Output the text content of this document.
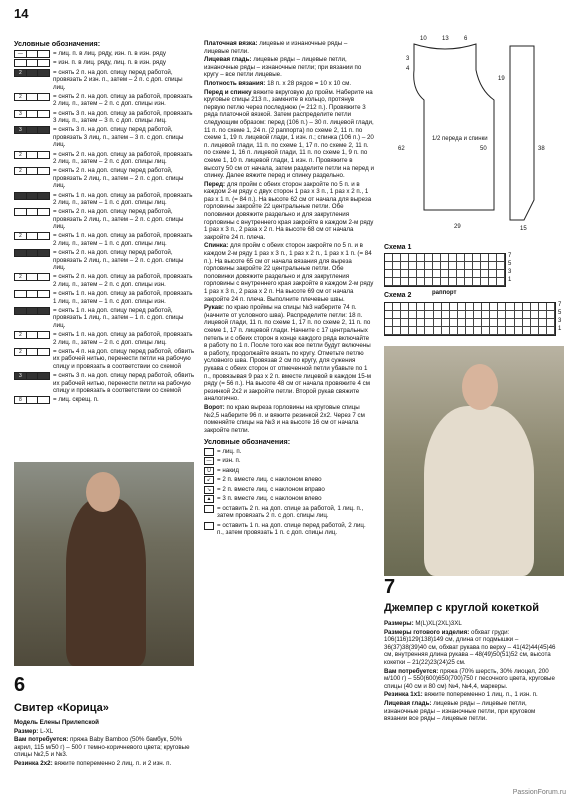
14
Условные обозначения:
—	= лиц. п. в лиц. ряду, изн. п. в изн. ряду
= изн. п. в лиц. ряду, лиц. п. в изн. ряду
2	= снять 2 п. на доп. спицу перед работой, провязать 2 изн. п., затем – 2 п. с доп. спицы лиц.
2	= снять 2 п. на доп. спицу за работой, провязать 2 лиц. п., затем – 2 п. с доп. спицы изн.
3	= снять 3 п. на доп. спицу за работой, провязать 3 лиц. п., затем – 3 п. с доп. спицы лиц.
3	= снять 3 п. на доп. спицу перед работой, провязать 3 лиц. п., затем – 3 п. с доп. спицы лиц.
2	= снять 2 п. на доп. спицу за работой, провязать 2 лиц. п., затем – 2 п. с доп. спицы лиц.
2	= снять 2 п. на доп. спицу перед работой, провязать 2 лиц. п., затем – 2 п. с доп. спицы лиц.
= снять 1 п. на доп. спицу за работой, провязать 2 лиц. п., затем – 1 п. с доп. спицы лиц.
= снять 2 п. на доп. спицу перед работой, провязать 2 лиц. п., затем – 2 п. с доп. спицы лиц.
2	= снять 1 п. на доп. спицу за работой, провязать 2 лиц. п., затем – 1 п. с доп. спицы лиц.
= снять 2 п. на доп. спицу перед работой, провязать 2 лиц. п., затем – 2 п. с доп. спицы лиц.
2	= снять 2 п. на доп. спицу за работой, провязать 2 лиц. п., затем – 2 п. с доп. спицы изн.
= снять 1 п. на доп. спицу за работой, провязать 1 лиц. п., затем – 1 п. с доп. спицы изн.
= снять 1 п. на доп. спицу перед работой, провязать 1 лиц. п., затем – 1 п. с доп. спицы лиц.
2	= снять 1 п. на доп. спицу за работой, провязать 2 лиц. п., затем – 2 п. с доп. спицы лиц.
2	= снять 4 п. на доп. спицу перед работой, обвить их рабочей нитью, перенести петли на рабочую спицу и провязать в соответствии со схемой
3	= снять 3 п. на доп. спицу перед работой, обвить их рабочей нитью, перенести петли на рабочую спицу и провязать в соответствии со схемой
8	= лиц. скрещ. п.
6
Свитер «Корица»

Модель Елены Прилепской

Размер: L-XL

Вам потребуется: пряжа Baby Bamboo (50% бамбук, 50% акрил, 115 м/50 г) – 500 г темно-коричневого цвета; круговые спицы №2,5 и №3.

Резинка 2х2: вяжите попеременно 2 лиц. п. и 2 изн. п.

Платочная вязка: лицевые и изнаночные ряды – лицевые петли.

Лицевая гладь: лицевые ряды – лицевые петли, изнаночные ряды – изнаночные петли; при вязании по кругу – все петли лицевые.

Плотность вязания: 18 п. х 28 рядов = 10 х 10 см.

Перед и спинку вяжите вкруговую до пройм. Наберите на круговые спицы 213 п., замкните в кольцо, протянув первую петлю через последнюю (= 212 п.). Провяжите 3 ряда платочной вязкой. Затем распределите петли следующим образом: перед (106 п.) – 30 п. лицевой глади, 11 п. по схеме 1, 24 п. (2 раппорта) по схеме 2, 11 п. по схеме 1, 19 п. лицевой глади, 1 изн. п.; спинка (106 п.) – 20 п. лицевой глади, 11 п. по схеме 1, 17 п. по схеме 2, 11 п. по схеме 1, 16 п. лицевой глади, 11 п. по схеме 1, 9 п. по схеме 1, 10 п. лицевой глади, 1 изн. п. Провяжите в высоту 50 см от начала, затем разделите петли на перед и спинку. Далее вяжите перед и спинку раздельно.

Перед: для пройм с обеих сторон закройте по 5 п. и в каждом 2-м ряду с двух сторон 1 раз х 3 п., 1 раз х 2 п., 1 раз х 1 п. (= 84 п.). На высоте 62 см от начала для выреза горловины закройте 22 центральные петли. Обе половинки довяжите раздельно и для закругления горловины с внутреннего края закройте в каждом 2-м ряду 1 раз х 3 п., 2 раза х 2 п. На высоте 68 см от начала закройте 24 п. плеча.

Спинка: для пройм с обеих сторон закройте по 5 п. и в каждом 2-м ряду 1 раз х 3 п., 1 раз х 2 п., 1 раз х 1 п. (= 84 п.). На высоте 65 см от начала вязания для выреза горловины закройте 22 центральные петли. Обе половинки довяжите раздельно и для закругления горловины с внутреннего края закройте в каждом 2-м ряду 1 раз х 3 п., 2 раза х 2 п. На высоте 69 см от начала закройте 24 п. плеча. Выполните плечевые швы.

Рукав: по краю проймы на спицы №3 наберите 74 п. (начните от условного шва). Распределите петли: 18 п. лицевой глади, 11 п. по схеме 1, 17 п. по схеме 2, 11 п. по схеме 1, 17 п. лицевой глади. Начните с 17 центральных петель и с обеих сторон в конце каждого ряда включайте в работу по 1 п. После того как все петли будут включены в работу, продолжайте вязать по кругу. Отметьте петлю условного шва. Провязав 2 см по кругу, для сужения рукава с обеих сторон от отмеченной петли убавьте по 1 п., провязывая 9 раз х 2 п. вместе лицевой в каждом 15-м ряду (= 56 п.). На высоте 48 см от начала провяжите 4 см резинкой 2х2 и закройте петли. Второй рукав свяжите аналогично.

Ворот: по краю выреза горловины на круговые спицы №2,5 наберите 96 п. и вяжите резинкой 2х2. Через 7 см поменяйте спицы на №3 и на высоте 16 см от начала закройте петли.

Условные обозначения:
= лиц. п.
— = изн. п.
U = накид
↙ = 2 п. вместе лиц. с наклоном влево
↘ = 2 п. вместе лиц. с наклоном вправо
▲ = 3 п. вместе лиц. с наклоном влево
= оставить 2 п. на доп. спице за работой, 1 лиц. п., затем провязать 2 п. с доп. спицы лиц.
= оставить 1 п. на доп. спице перед работой, 2 лиц. п., затем провязать 1 п. с доп. спицы лиц.
10	13	6
3
4
19
50
62	38
29	15
1/2 переда и спинки
Схема 1
7
5
3
1
раппорт
Схема 2
7
5
3
1
7
Джемпер с круглой кокеткой

Размеры: M(L)XL(2XL)3XL

Размеры готового изделия: обхват груди: 106(116)129(138)149 см, длина от подмышки – 36(37)38(39)40 см, обхват рукава по верху – 41(42)44(45)46 см, внутренняя длина рукава – 48(49)50(51)52 см, высота кокетки – 21(22)23(24)25 см.

Вам потребуется: пряжа (70% шерсть, 30% лиоцел, 200 м/100 г) – 550(600)650(700)750 г песочного цвета, круговые спицы (40 см и 80 см) №4, №4,4, маркеры.

Резинка 1х1: вяжите попеременно 1 лиц. п., 1 изн. п.

Лицевая гладь: лицевые ряды – лицевые петли, изнаночные ряды – изнаночные петли, при круговом вязании все ряды – лицевые петли.

PassionForum.ru
